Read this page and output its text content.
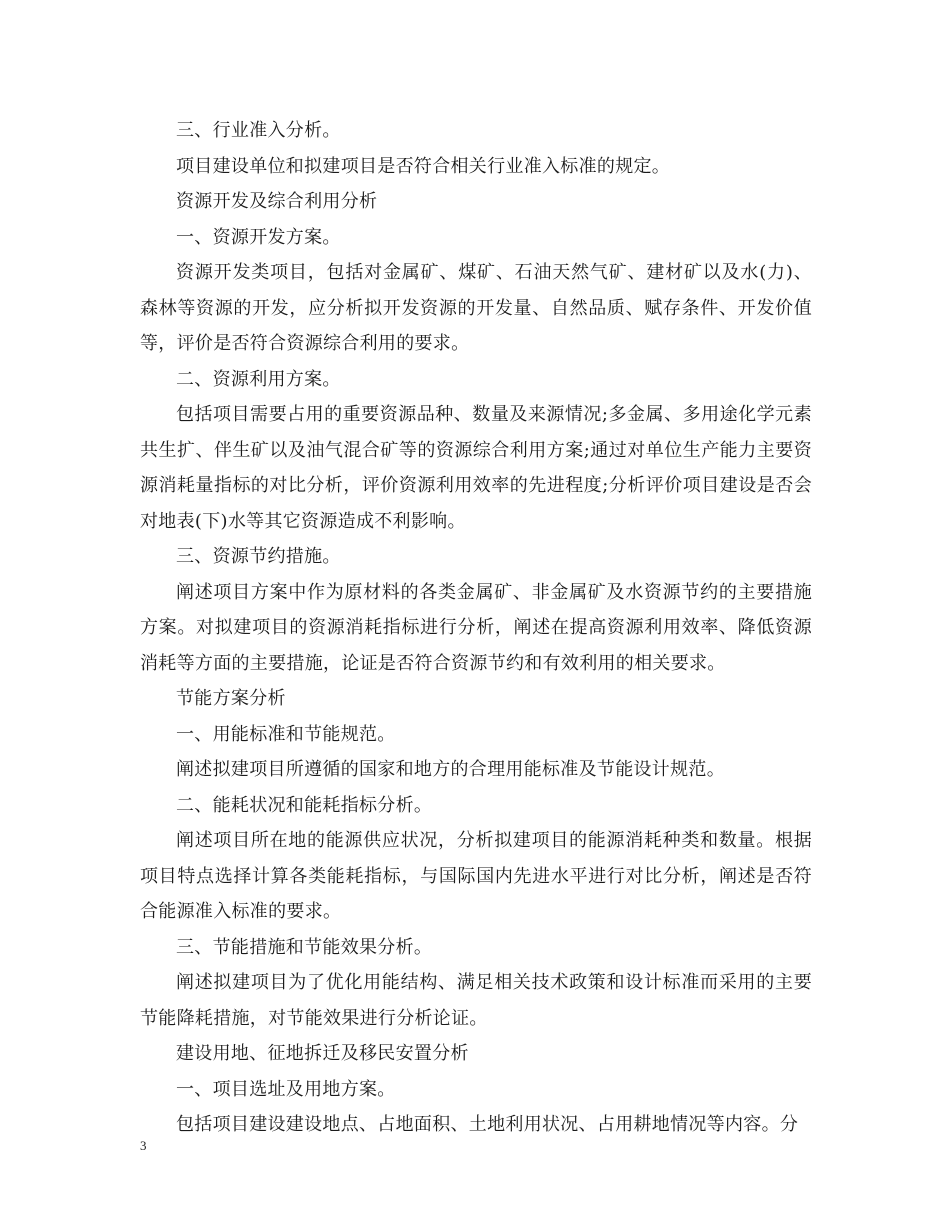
三、行业准入分析。

项目建设单位和拟建项目是否符合相关行业准入标准的规定。

资源开发及综合利用分析

一、资源开发方案。

资源开发类项目，包括对金属矿、煤矿、石油天然气矿、建材矿以及水(力)、森林等资源的开发，应分析拟开发资源的开发量、自然品质、赋存条件、开发价值等，评价是否符合资源综合利用的要求。

二、资源利用方案。

包括项目需要占用的重要资源品种、数量及来源情况;多金属、多用途化学元素共生扩、伴生矿以及油气混合矿等的资源综合利用方案;通过对单位生产能力主要资源消耗量指标的对比分析，评价资源利用效率的先进程度;分析评价项目建设是否会对地表(下)水等其它资源造成不利影响。

三、资源节约措施。

阐述项目方案中作为原材料的各类金属矿、非金属矿及水资源节约的主要措施方案。对拟建项目的资源消耗指标进行分析，阐述在提高资源利用效率、降低资源消耗等方面的主要措施，论证是否符合资源节约和有效利用的相关要求。

节能方案分析

一、用能标准和节能规范。

阐述拟建项目所遵循的国家和地方的合理用能标准及节能设计规范。

二、能耗状况和能耗指标分析。

阐述项目所在地的能源供应状况，分析拟建项目的能源消耗种类和数量。根据项目特点选择计算各类能耗指标，与国际国内先进水平进行对比分析，阐述是否符合能源准入标准的要求。

三、节能措施和节能效果分析。

阐述拟建项目为了优化用能结构、满足相关技术政策和设计标准而采用的主要节能降耗措施，对节能效果进行分析论证。

建设用地、征地拆迁及移民安置分析

一、项目选址及用地方案。

包括项目建设建设地点、占地面积、土地利用状况、占用耕地情况等内容。分

3
